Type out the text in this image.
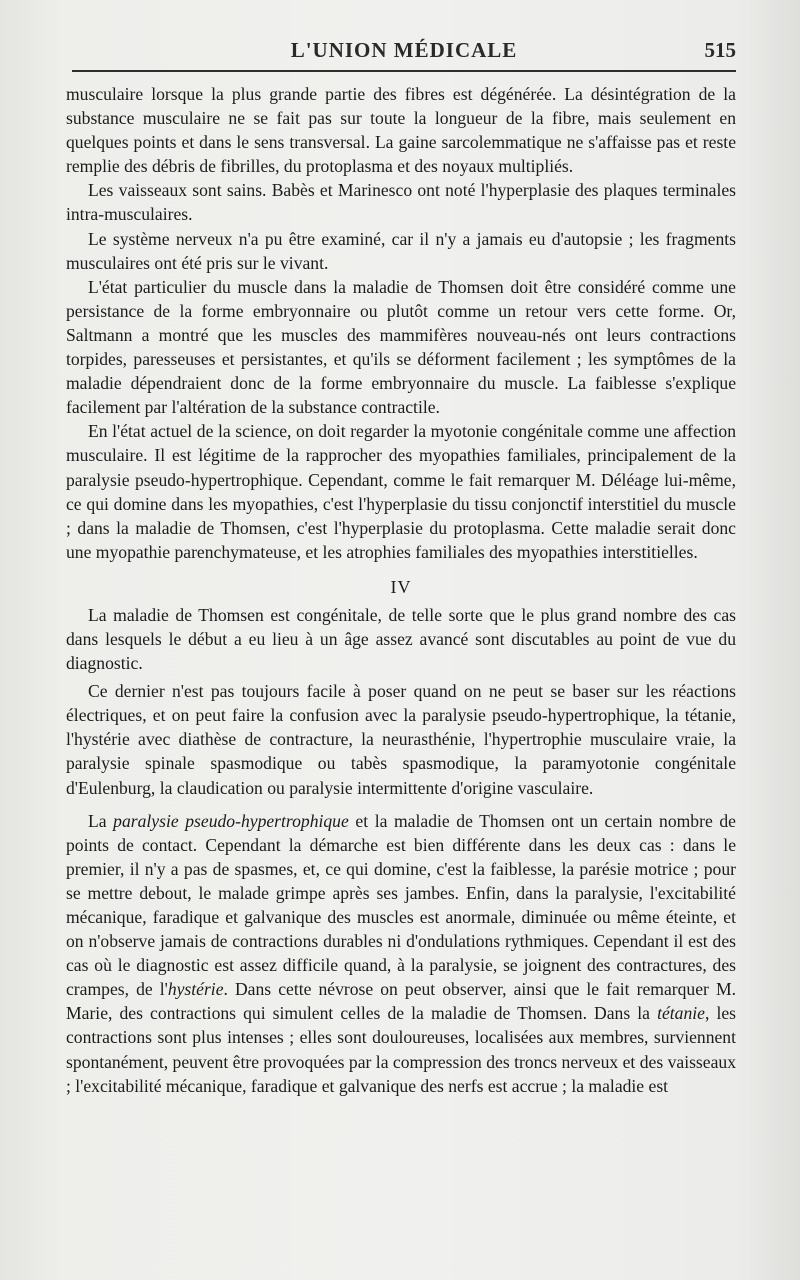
L'UNION MÉDICALE	515

musculaire lorsque la plus grande partie des fibres est dégénérée. La désintégration de la substance musculaire ne se fait pas sur toute la longueur de la fibre, mais seulement en quelques points et dans le sens transversal. La gaine sarcolemmatique ne s'affaisse pas et reste remplie des débris de fibrilles, du protoplasma et des noyaux multipliés.

Les vaisseaux sont sains. Babès et Marinesco ont noté l'hyperplasie des plaques terminales intra-musculaires.

Le système nerveux n'a pu être examiné, car il n'y a jamais eu d'autopsie ; les fragments musculaires ont été pris sur le vivant.

L'état particulier du muscle dans la maladie de Thomsen doit être considéré comme une persistance de la forme embryonnaire ou plutôt comme un retour vers cette forme. Or, Saltmann a montré que les muscles des mammifères nouveau-nés ont leurs contractions torpides, paresseuses et persistantes, et qu'ils se déforment facilement ; les symptômes de la maladie dépendraient donc de la forme embryonnaire du muscle. La faiblesse s'explique facilement par l'altération de la substance contractile.

En l'état actuel de la science, on doit regarder la myotonie congénitale comme une affection musculaire. Il est légitime de la rapprocher des myopathies familiales, principalement de la paralysie pseudo-hypertrophique. Cependant, comme le fait remarquer M. Déléage lui-même, ce qui domine dans les myopathies, c'est l'hyperplasie du tissu conjonctif interstitiel du muscle ; dans la maladie de Thomsen, c'est l'hyperplasie du protoplasma. Cette maladie serait donc une myopathie parenchymateuse, et les atrophies familiales des myopathies interstitielles.

IV

La maladie de Thomsen est congénitale, de telle sorte que le plus grand nombre des cas dans lesquels le début a eu lieu à un âge assez avancé sont discutables au point de vue du diagnostic.

Ce dernier n'est pas toujours facile à poser quand on ne peut se baser sur les réactions électriques, et on peut faire la confusion avec la paralysie pseudo-hypertrophique, la tétanie, l'hystérie avec diathèse de contracture, la neurasthénie, l'hypertrophie musculaire vraie, la paralysie spinale spasmodique ou tabès spasmodique, la paramyotonie congénitale d'Eulenburg, la claudication ou paralysie intermittente d'origine vasculaire.

La paralysie pseudo-hypertrophique et la maladie de Thomsen ont un certain nombre de points de contact. Cependant la démarche est bien différente dans les deux cas : dans le premier, il n'y a pas de spasmes, et, ce qui domine, c'est la faiblesse, la parésie motrice ; pour se mettre debout, le malade grimpe après ses jambes. Enfin, dans la paralysie, l'excitabilité mécanique, faradique et galvanique des muscles est anormale, diminuée ou même éteinte, et on n'observe jamais de contractions durables ni d'ondulations rythmiques. Cependant il est des cas où le diagnostic est assez difficile quand, à la paralysie, se joignent des contractures, des crampes, de l'hystérie. Dans cette névrose on peut observer, ainsi que le fait remarquer M. Marie, des contractions qui simulent celles de la maladie de Thomsen. Dans la tétanie, les contractions sont plus intenses ; elles sont douloureuses, localisées aux membres, surviennent spontanément, peuvent être provoquées par la compression des troncs nerveux et des vaisseaux ; l'excitabilité mécanique, faradique et galvanique des nerfs est accrue ; la maladie est
